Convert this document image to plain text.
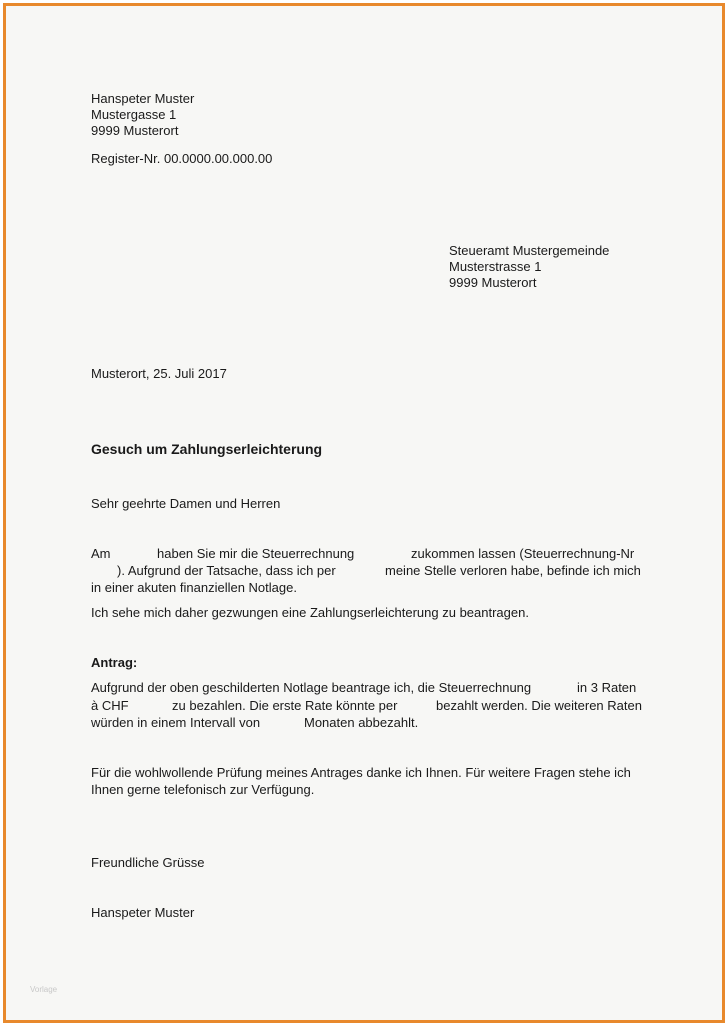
Hanspeter Muster
Mustergasse 1
9999 Musterort
Register-Nr. 00.0000.00.000.00
Steueramt Mustergemeinde
Musterstrasse 1
9999 Musterort
Musterort, 25. Juli 2017
Gesuch um Zahlungserleichterung
Sehr geehrte Damen und Herren
Am	haben Sie mir die Steuerrechnung	zukommen lassen (Steuerrechnung-Nr
). Aufgrund der Tatsache, dass ich per	meine Stelle verloren habe, befinde ich mich
in einer akuten finanziellen Notlage.
Ich sehe mich daher gezwungen eine Zahlungserleichterung zu beantragen.
Antrag:
Aufgrund der oben geschilderten Notlage beantrage ich, die Steuerrechnung	in 3 Raten
à CHF	zu bezahlen. Die erste Rate könnte per	bezahlt werden. Die weiteren Raten
würden in einem Intervall von	Monaten abbezahlt.
Für die wohlwollende Prüfung meines Antrages danke ich Ihnen. Für weitere Fragen stehe ich
Ihnen gerne telefonisch zur Verfügung.
Freundliche Grüsse
Hanspeter Muster
Vorlage
